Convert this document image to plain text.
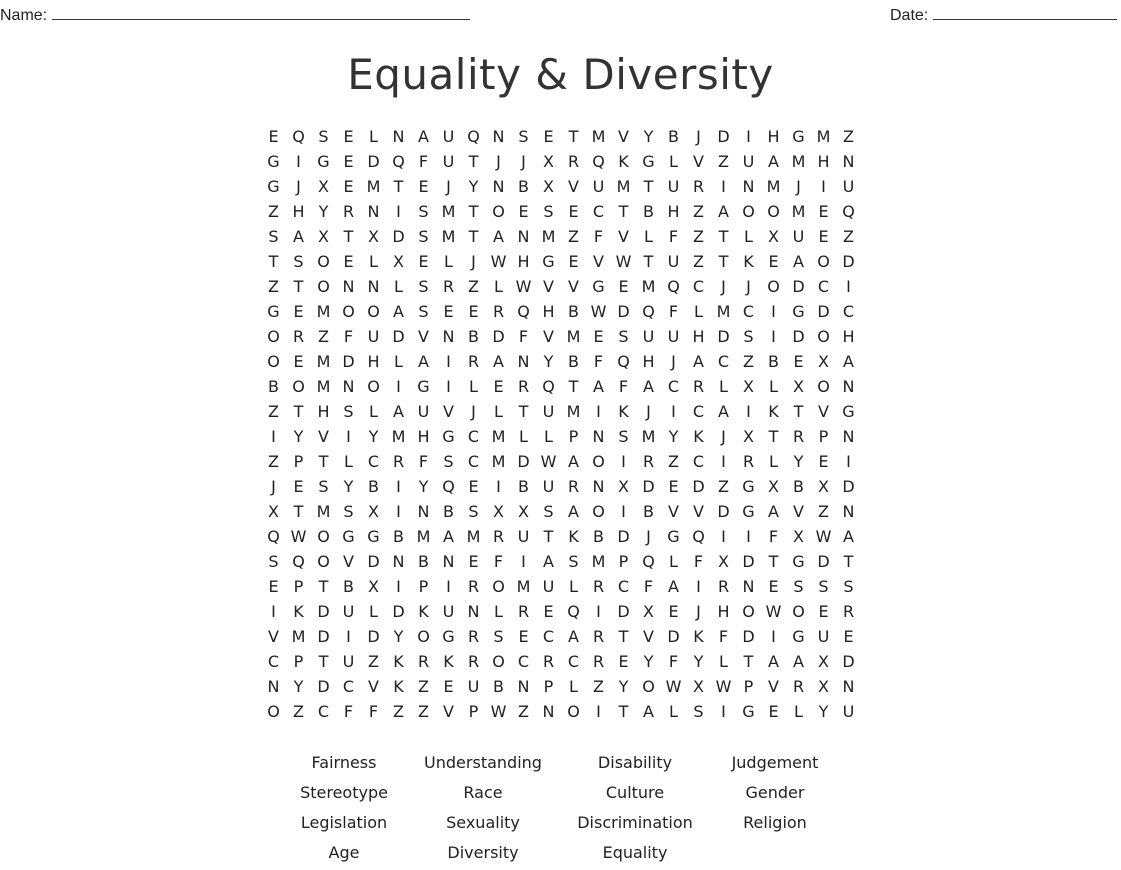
Name:	Date:
Equality & Diversity
E Q S E L N A U Q N S E T M V Y B	J	D	I	H G M Z
G	I	G E D Q F U T	J	J	X R Q K G L V Z U A M H N
G	J	X E M T E	J	Y N B X V U M T U R	I	N M J	I	U
Z H Y R N	I	S M T O E S E C T B H Z A O O M E Q
S A X T X D S M T A N M Z F V L F Z T L X U E Z
T S O E L X E L	J W H G E V W T U Z T K E A O D
Z T O N N L S R Z L W V V G E M Q C	J	J	O D C	I
G E M O O A S E E R Q H B W D Q F L M C	I	G D C
O R Z F U D V N B D F V M E S U U H D S	I	D O H
O E M D H L A	I	R A N Y B F Q H	J	A C Z B E X A
B O M N O	I	G	I	L E R Q T A F A C R L X L X O N
Z T H S L A U V	J	L T U M I	K	J	I	C A	I	K T V G
I	Y V	I	Y M H G C M L	L P N S M Y K	J	X T R P N
Z P T L C R F S C M D W A O	I	R Z C	I	R L Y E	I
J	E S Y B	I	Y Q E	I	B U R N X D E D Z G X B X D
X T M S X	I	N B S X X S A O	I	B V V D G A V Z N
Q W O G G B M A M R U T K B D	J	G Q	I	I	F X W A
S Q O V D N B N E F	I	A S M P Q L F X D T G D T
E P T B X	I	P	I	R O M U L R C F A	I	R N E S S S
I	K D U L D K U N L R E Q	I	D X E	J	H O W O E R
V M D	I	D Y O G R S E C A R T V D K F D	I	G U E
C P T U Z K R K R O C R C R E Y F Y L T A A X D
N Y D C V K Z E U B N P L Z Y O W X W P V R X N
O Z C F F Z Z V P W Z N O	I	T A L S	I	G E L Y U
Fairness	Understanding	Disability	Judgement
Stereotype	Race	Culture	Gender
Legislation	Sexuality	Discrimination	Religion
Age	Diversity	Equality
